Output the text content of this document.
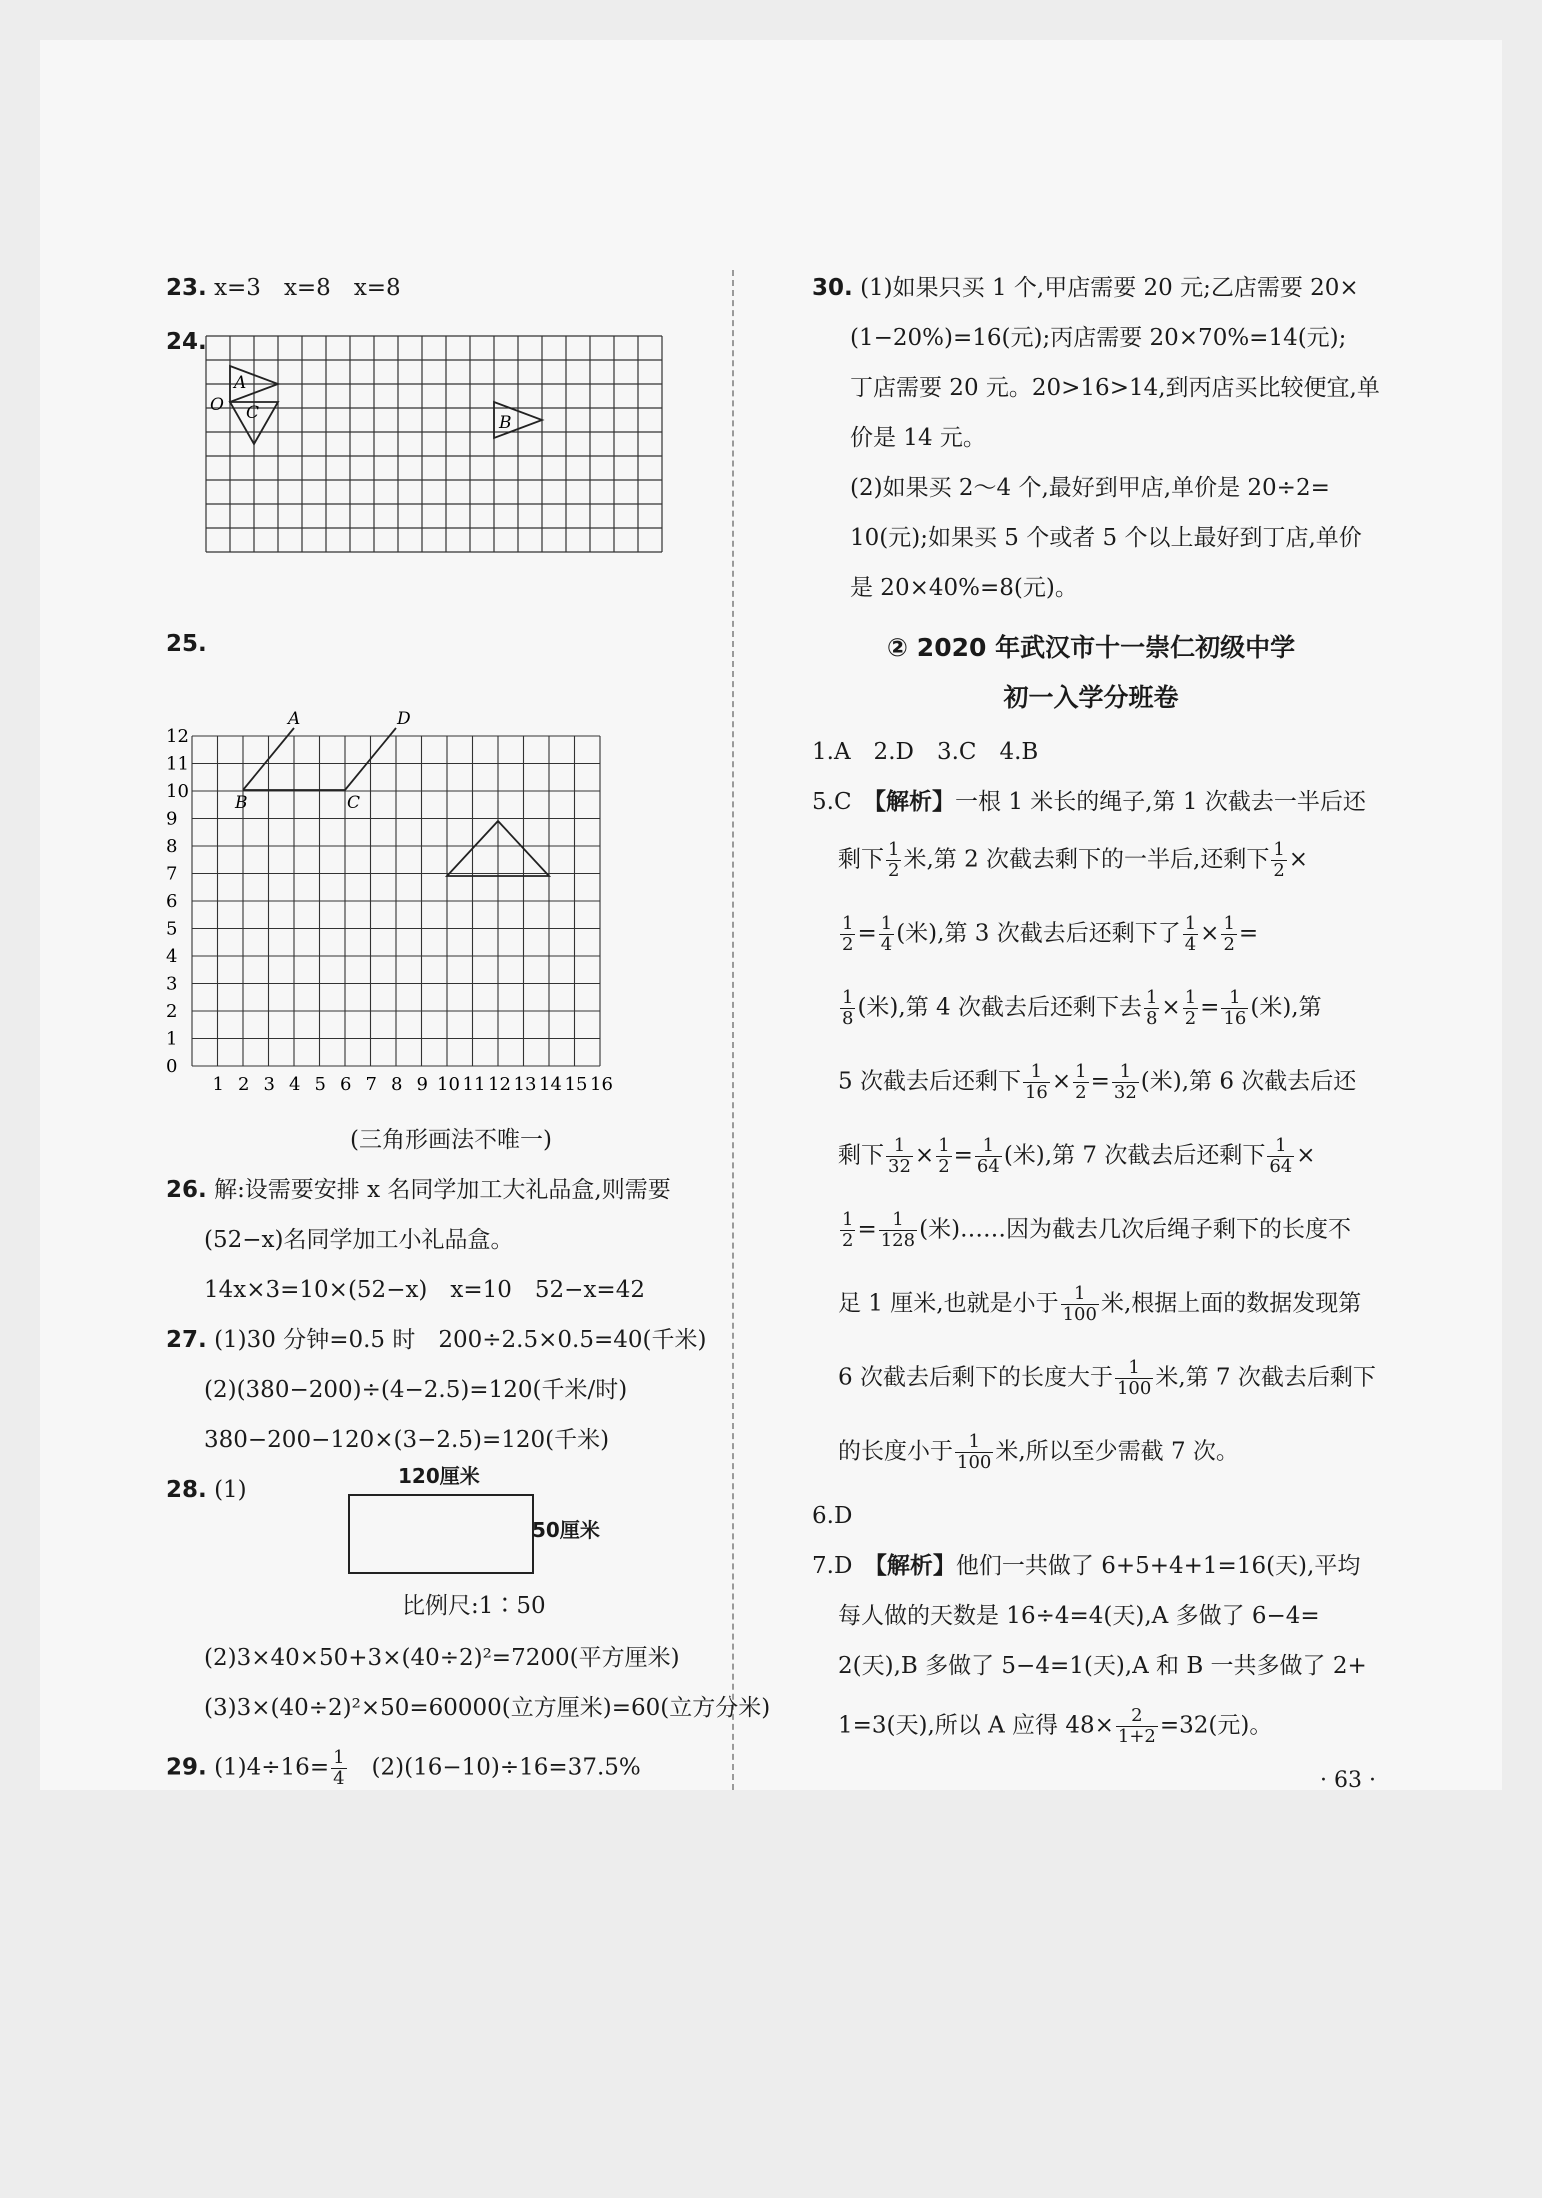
23. x=3　x=8　x=8
24.
A
O C	B
25.
12
11
10
9
8
7
6
5
4
3
2
1
0
1 2 3 4 5 6 7 8 9 10 11 12 13 14 15 16
A	D
B	C
(三角形画法不唯一)
26. 解:设需要安排 x 名同学加工大礼品盒,则需要
(52−x)名同学加工小礼品盒。
14x×3=10×(52−x)　x=10　52−x=42
27. (1)30 分钟=0.5 时　200÷2.5×0.5=40(千米)
(2)(380−200)÷(4−2.5)=120(千米/时)
380−200−120×(3−2.5)=120(千米)
28. (1)
120厘米
50厘米
比例尺:1∶50
(2)3×40×50+3×(40÷2)²=7200(平方厘米)
(3)3×(40÷2)²×50=60000(立方厘米)=60(立方分米)
29. $(1)4\div 16= \frac{1}{4}$
　 (2)(16−10)÷16=37.5%
30. (1)如果只买 1 个,甲店需要 20 元;乙店需要 20×
(1−20%)=16(元);丙店需要 20×70%=14(元);
丁店需要 20 元。20>16>14,到丙店买比较便宜,单
价是 14 元。
(2)如果买 2～4 个,最好到甲店,单价是 20÷2=
10(元);如果买 5 个或者 5 个以上最好到丁店,单价
是 20×40%=8(元)。
② 2020 年武汉市十一崇仁初级中学
初一入学分班卷
1.A　2.D　3.C　4.B
5.C　 【解析】一根 1 米长的绳子,第 1 次截去一半后还
剩下 $\frac{1}{2}$ 米,第 2 次截去剩下的一半后,还剩下 $\frac{1}{2}$ ×
$\frac{1}{2} = \frac{1}{4}$ (米),第 3 次截去后还剩下了 $\frac{1}{4} \times \frac{1}{2}$ =
$\frac{1}{8}$ (米),第 4 次截去后还剩下去 $\frac{1}{8} \times \frac{1}{2} = \frac{1}{16}$ (米),第
5 次截去后还剩下 $\frac{1}{16} \times \frac{1}{2} = \frac{1}{32}$ (米),第 6 次截去后还
剩下 $\frac{1}{32} \times \frac{1}{2} = \frac{1}{64}$ (米),第 7 次截去后还剩下 $\frac{1}{64}$ ×
$\frac{1}{2} = \frac{1}{128}$ (米)……因为截去几次后绳子剩下的长度不
足 1 厘米,也就是小于 $\frac{1}{100}$ 米,根据上面的数据发现第
6 次截去后剩下的长度大于 $\frac{1}{100}$ 米,第 7 次截去后剩下
的长度小于 $\frac{1}{100}$ 米,所以至少需截 7 次。
6.D
7.D　 【解析】他们一共做了 6+5+4+1=16(天),平均
每人做的天数是 16÷4=4(天),A 多做了 6−4=
2(天),B 多做了 5−4=1(天),A 和 B 一共多做了 2+
1=3(天),所以 A 应得 $48\times \frac{2}{1+2} =32$(元)。
· 63 ·
